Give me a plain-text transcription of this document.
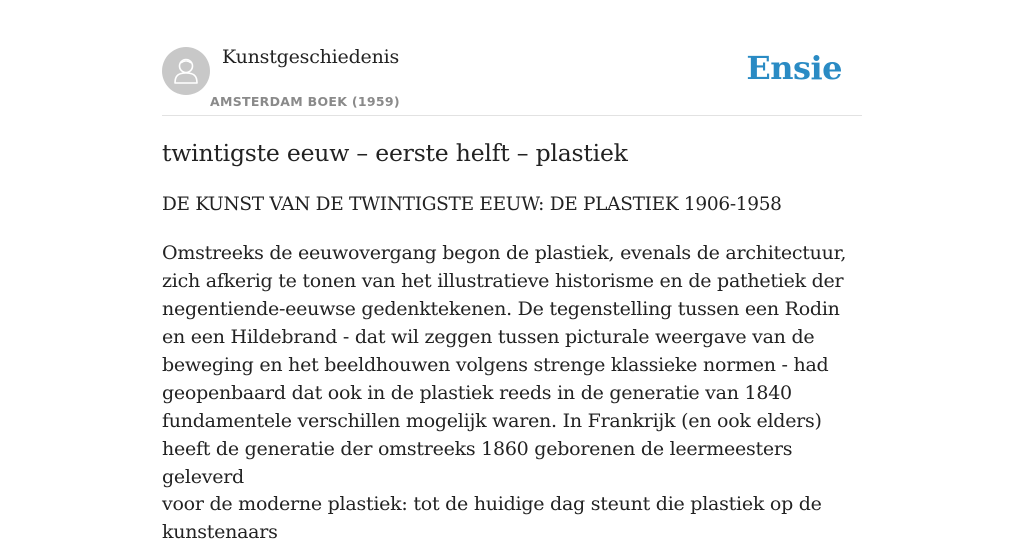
Kunstgeschiedenis
AMSTERDAM BOEK (1959)
Ensie
twintigste eeuw – eerste helft – plastiek
DE KUNST VAN DE TWINTIGSTE EEUW: DE PLASTIEK 1906-1958

Omstreeks de eeuwovergang begon de plastiek, evenals de architectuur, zich afkerig te tonen van het illustratieve historisme en de pathetiek der negentiende-eeuwse gedenktekenen. De tegenstelling tussen een Rodin en een Hildebrand - dat wil zeggen tussen picturale weergave van de beweging en het beeldhouwen volgens strenge klassieke normen - had geopenbaard dat ook in de plastiek reeds in de generatie van 1840 fundamentele verschillen mogelijk waren. In Frankrijk (en ook elders) heeft de generatie der omstreeks 1860 geborenen de leermeesters geleverd

voor de moderne plastiek: tot de huidige dag steunt die plastiek op de kunstenaars
